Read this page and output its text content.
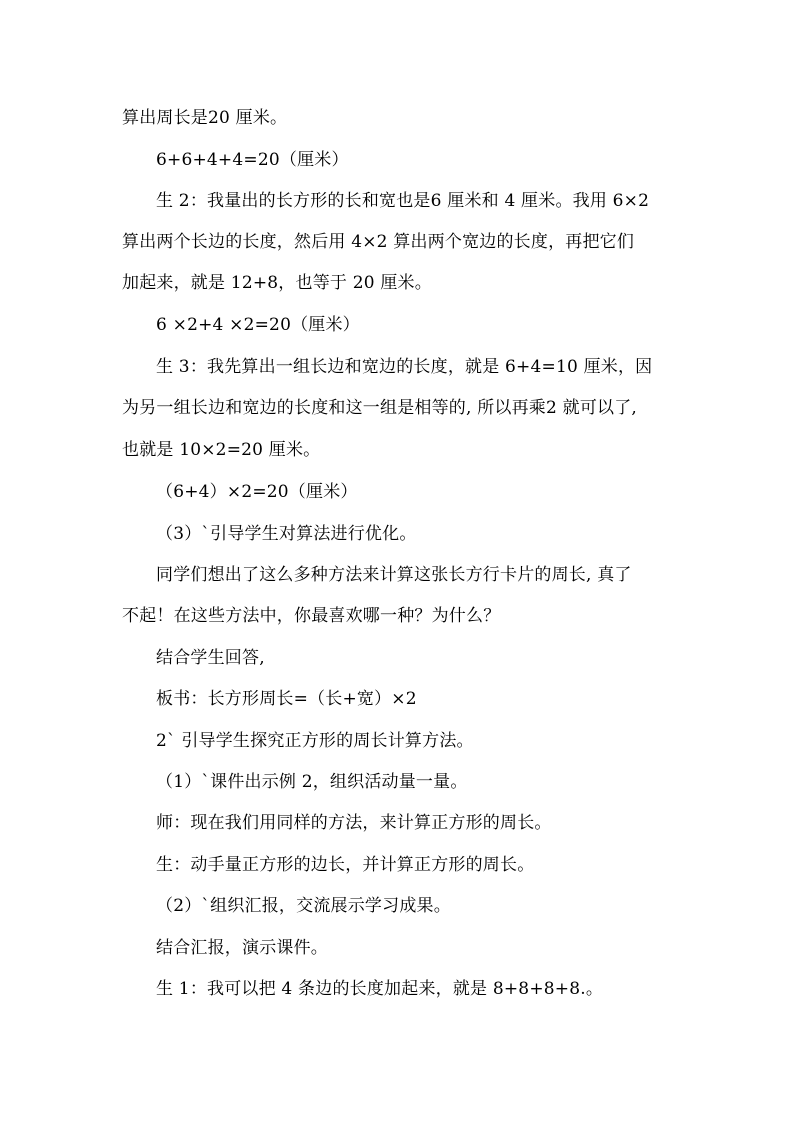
算出周长是20 厘米。
6+6+4+4=20（厘米）
生 2：我量出的长方形的长和宽也是6 厘米和 4 厘米。我用 6×2
算出两个长边的长度，然后用 4×2 算出两个宽边的长度，再把它们
加起来，就是 12+8，也等于 20 厘米。
6 ×2+4 ×2=20（厘米）
生 3：我先算出一组长边和宽边的长度，就是 6+4=10 厘米，因
为另一组长边和宽边的长度和这一组是相等的, 所以再乘2 就可以了,
也就是 10×2=20 厘米。
（6+4）×2=20（厘米）
（3）`引导学生对算法进行优化。
同学们想出了这么多种方法来计算这张长方行卡片的周长, 真了
不起！在这些方法中，你最喜欢哪一种？为什么？
结合学生回答,
板书：长方形周长=（长+宽）×2
2` 引导学生探究正方形的周长计算方法。
（1）`课件出示例 2，组织活动量一量。
师：现在我们用同样的方法，来计算正方形的周长。
生：动手量正方形的边长，并计算正方形的周长。
（2）`组织汇报，交流展示学习成果。
结合汇报，演示课件。
生 1：我可以把 4 条边的长度加起来，就是 8+8+8+8.。
